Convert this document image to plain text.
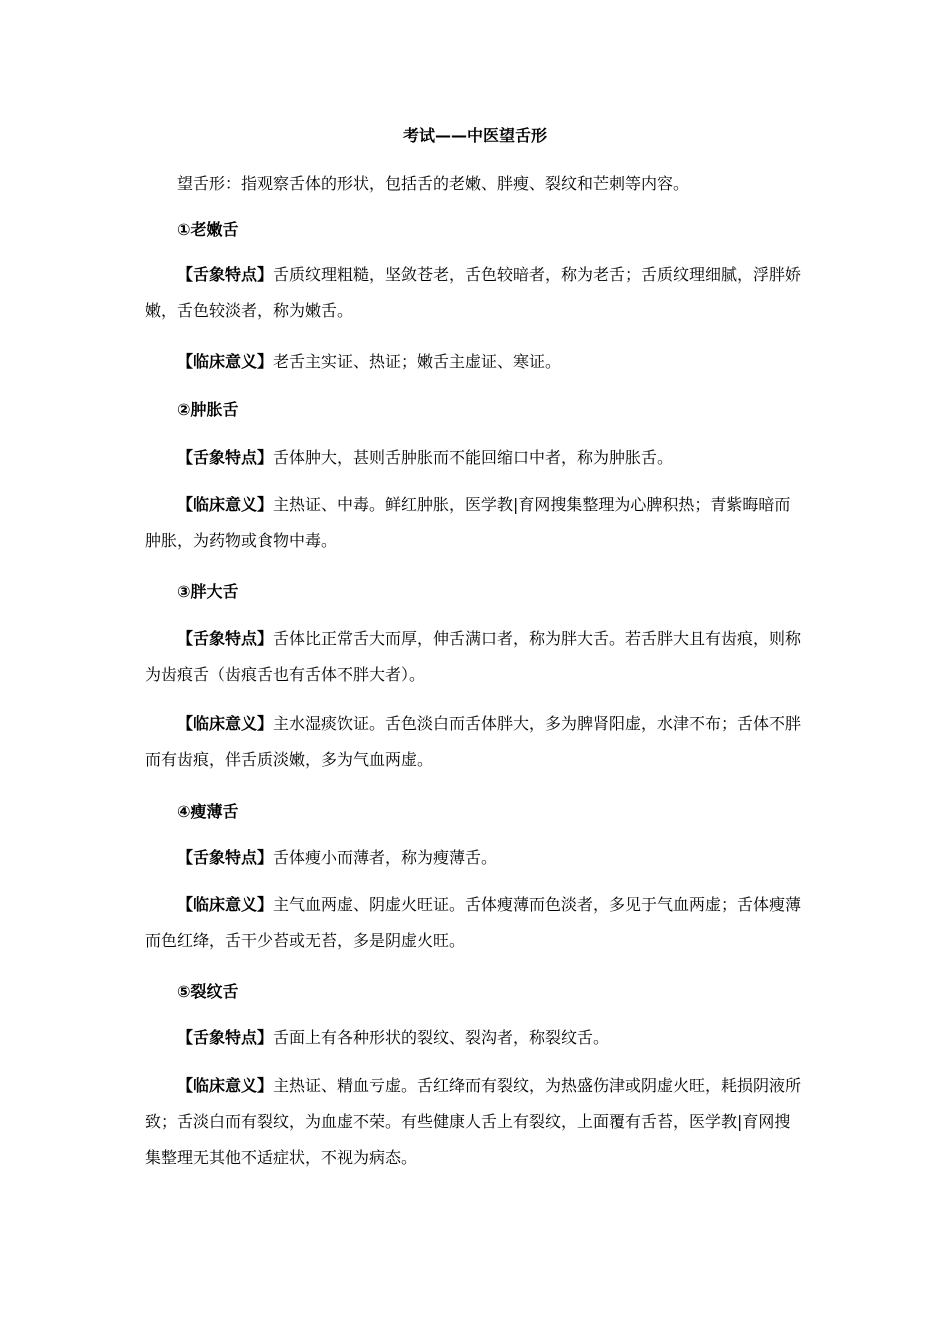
考试——中医望舌形

望舌形：指观察舌体的形状，包括舌的老嫩、胖瘦、裂纹和芒刺等内容。

①老嫩舌

【舌象特点】舌质纹理粗糙，坚敛苍老，舌色较暗者，称为老舌；舌质纹理细腻，浮胖娇嫩，舌色较淡者，称为嫩舌。

【临床意义】老舌主实证、热证；嫩舌主虚证、寒证。

②肿胀舌

【舌象特点】舌体肿大，甚则舌肿胀而不能回缩口中者，称为肿胀舌。

【临床意义】主热证、中毒。鲜红肿胀，医学教|育网搜集整理为心脾积热；青紫晦暗而肿胀，为药物或食物中毒。

③胖大舌

【舌象特点】舌体比正常舌大而厚，伸舌满口者，称为胖大舌。若舌胖大且有齿痕，则称为齿痕舌（齿痕舌也有舌体不胖大者）。

【临床意义】主水湿痰饮证。舌色淡白而舌体胖大，多为脾肾阳虚，水津不布；舌体不胖而有齿痕，伴舌质淡嫩，多为气血两虚。

④瘦薄舌

【舌象特点】舌体瘦小而薄者，称为瘦薄舌。

【临床意义】主气血两虚、阴虚火旺证。舌体瘦薄而色淡者，多见于气血两虚；舌体瘦薄而色红绛，舌干少苔或无苔，多是阴虚火旺。

⑤裂纹舌

【舌象特点】舌面上有各种形状的裂纹、裂沟者，称裂纹舌。

【临床意义】主热证、精血亏虚。舌红绛而有裂纹，为热盛伤津或阴虚火旺，耗损阴液所致；舌淡白而有裂纹，为血虚不荣。有些健康人舌上有裂纹，上面覆有舌苔，医学教|育网搜集整理无其他不适症状，不视为病态。
